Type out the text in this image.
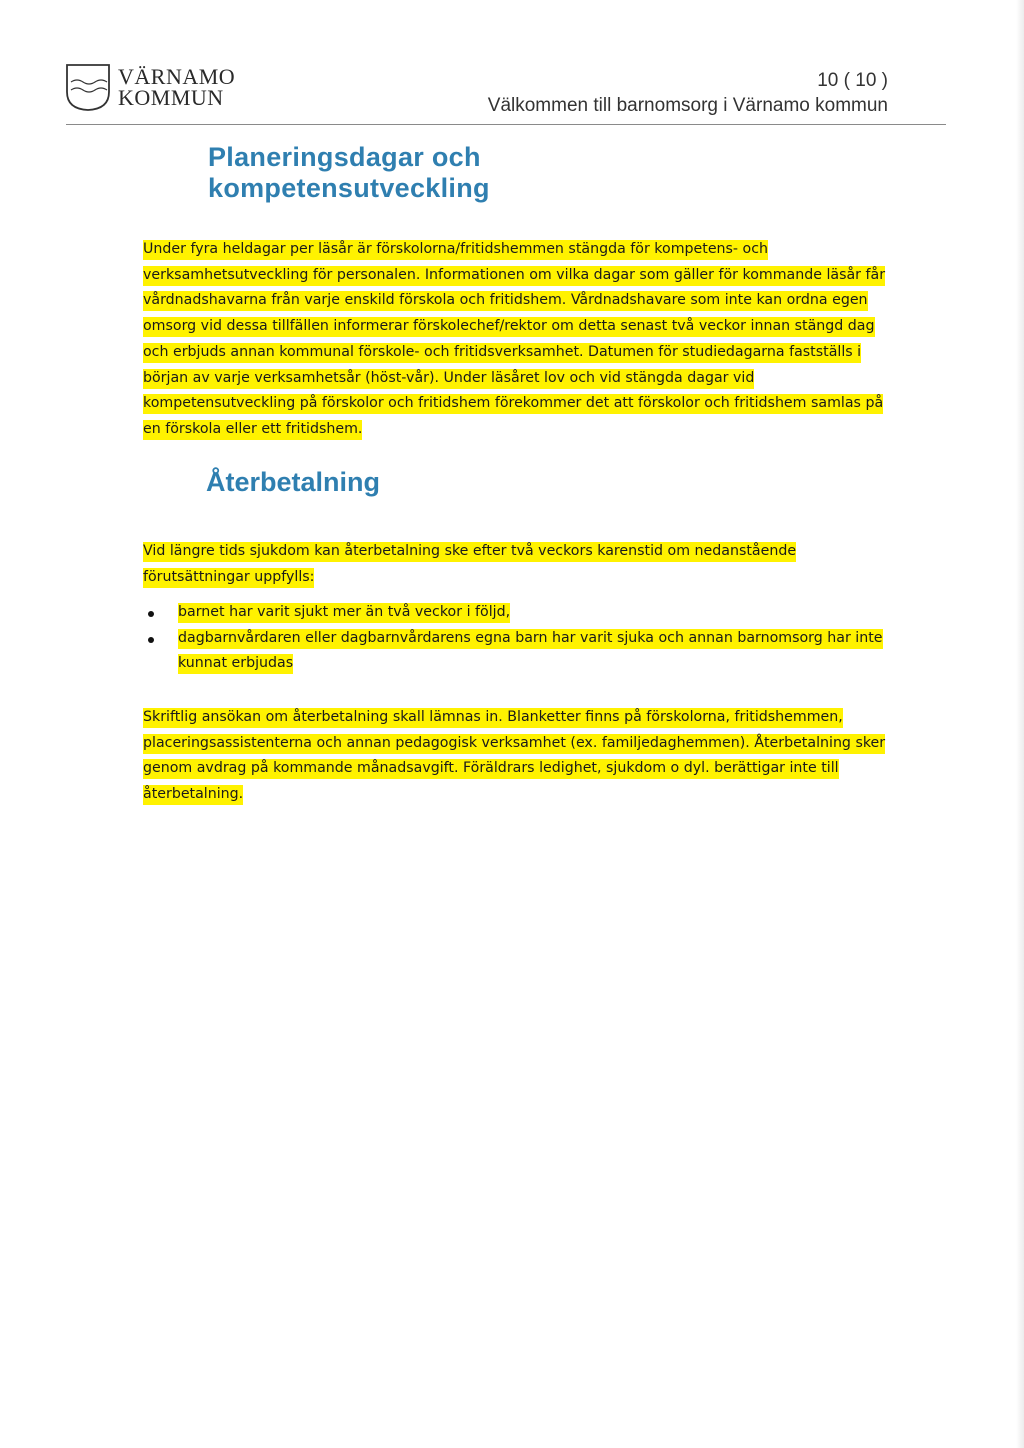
VÄRNAMO
KOMMUN
10 ( 10 )
Välkommen till barnomsorg i Värnamo kommun
Planeringsdagar och
kompetensutveckling

Under fyra heldagar per läsår är förskolorna/fritidshemmen stängda för kompetens- och verksamhetsutveckling för personalen. Informationen om vilka dagar som gäller för kommande läsår får vårdnadshavarna från varje enskild förskola och fritidshem. Vårdnadshavare som inte kan ordna egen omsorg vid dessa tillfällen informerar förskolechef/rektor om detta senast två veckor innan stängd dag och erbjuds annan kommunal förskole- och fritidsverksamhet. Datumen för studiedagarna fastställs i början av varje verksamhetsår (höst-vår). Under läsåret lov och vid stängda dagar vid kompetensutveckling på förskolor och fritidshem förekommer det att förskolor och fritidshem samlas på en förskola eller ett fritidshem.

Återbetalning

Vid längre tids sjukdom kan återbetalning ske efter två veckors karenstid om nedanstående förutsättningar uppfylls:

barnet har varit sjukt mer än två veckor i följd,
dagbarnvårdaren eller dagbarnvårdarens egna barn har varit sjuka och annan barnomsorg har inte kunnat erbjudas

Skriftlig ansökan om återbetalning skall lämnas in. Blanketter finns på förskolorna, fritidshemmen, placeringsassistenterna och annan pedagogisk verksamhet (ex. familjedaghemmen). Återbetalning sker genom avdrag på kommande månadsavgift. Föräldrars ledighet, sjukdom o dyl. berättigar inte till återbetalning.
